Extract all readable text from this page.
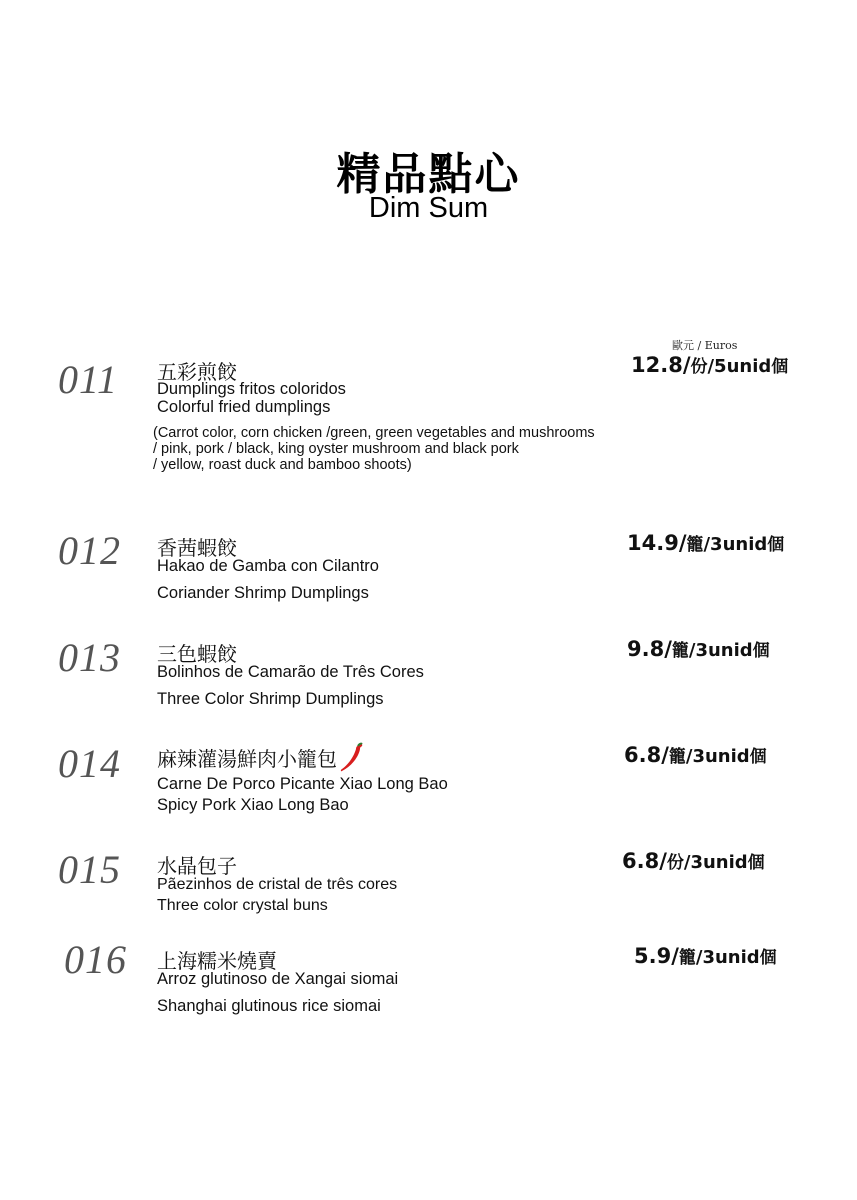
精品點心
Dim Sum
歐元 / Euros
011 五彩煎餃
Dumplings fritos coloridos
Colorful fried dumplings
(Carrot color, corn chicken /green, green vegetables and mushrooms
/ pink, pork / black, king oyster mushroom and black pork
/ yellow, roast duck and bamboo shoots)
12.8/份/5unid個
012 香茜蝦餃
Hakao de Gamba con Cilantro
Coriander Shrimp Dumplings
14.9/籠/3unid個
013 三色蝦餃
Bolinhos de Camarão de Três Cores
Three Color Shrimp Dumplings
9.8/籠/3unid個
014 麻辣灌湯鮮肉小籠包
Carne De Porco Picante Xiao Long Bao
Spicy Pork Xiao Long Bao
6.8/籠/3unid個
015 水晶包子
Pãezinhos de cristal de três cores
Three color crystal buns
6.8/份/3unid個
016 上海糯米燒賣
Arroz glutinoso de Xangai siomai
Shanghai glutinous rice siomai
5.9/籠/3unid個
